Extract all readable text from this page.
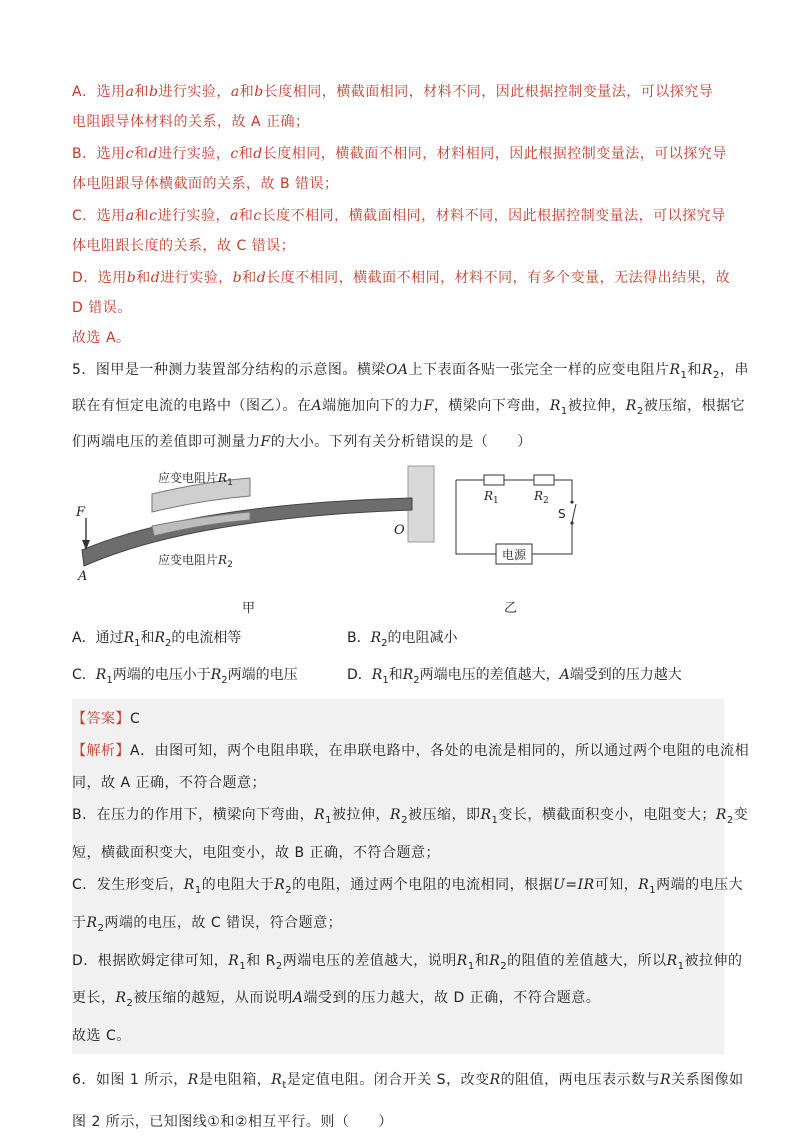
A．选用a和b进行实验，a和b长度相同，横截面相同，材料不同，因此根据控制变量法，可以探究导

电阻跟导体材料的关系，故 A 正确；

B．选用c和d进行实验，c和d长度相同，横截面不相同，材料相同，因此根据控制变量法，可以探究导

体电阻跟导体横截面的关系，故 B 错误；

C．选用a和c进行实验，a和c长度不相同，横截面相同，材料不同，因此根据控制变量法，可以探究导

体电阻跟长度的关系，故 C 错误；

D．选用b和d进行实验，b和d长度不相同，横截面不相同，材料不同，有多个变量，无法得出结果，故

D 错误。

故选 A。

5．图甲是一种测力装置部分结构的示意图。横梁OA上下表面各贴一张完全一样的应变电阻片$R_1$和$R_2$，串

联在有恒定电流的电路中（图乙）。在A端施加向下的力F，横梁向下弯曲，$R_1$被拉伸，$R_2$被压缩，根据它

们两端电压的差值即可测量力F的大小。下列有关分析错误的是（　　）

F
A
O
应变电阻片$R_1$
应变电阻片$R_2$
甲
电源
$R_1$	$R_2$
S
乙
A．通过$R_1$和$R_2$的电流相等	B．$R_2$的电阻减小
C．$R_1$两端的电压小于$R_2$两端的电压	D．$R_1$和$R_2$两端电压的差值越大，A端受到的压力越大

【答案】C

【解析】A．由图可知，两个电阻串联，在串联电路中，各处的电流是相同的，所以通过两个电阻的电流相

同，故 A 正确，不符合题意；

B．在压力的作用下，横梁向下弯曲，$R_1$被拉伸，$R_2$被压缩，即$R_1$变长，横截面积变小，电阻变大；$R_2$变

短，横截面积变大，电阻变小，故 B 正确，不符合题意；

C．发生形变后，$R_1$的电阻大于$R_2$的电阻，通过两个电阻的电流相同，根据U=IR可知，$R_1$两端的电压大

于$R_2$两端的电压，故 C 错误，符合题意；

D．根据欧姆定律可知，$R_1$和 $R_2$两端电压的差值越大，说明$R_1$和$R_2$的阻值的差值越大，所以$R_1$被拉伸的

更长，$R_2$被压缩的越短，从而说明A端受到的压力越大，故 D 正确，不符合题意。

故选 C。

6．如图 1 所示，R是电阻箱，$R_t$是定值电阻。闭合开关 S，改变R的阻值，两电压表示数与R关系图像如

图 2 所示，已知图线①和②相互平行。则（　　）
